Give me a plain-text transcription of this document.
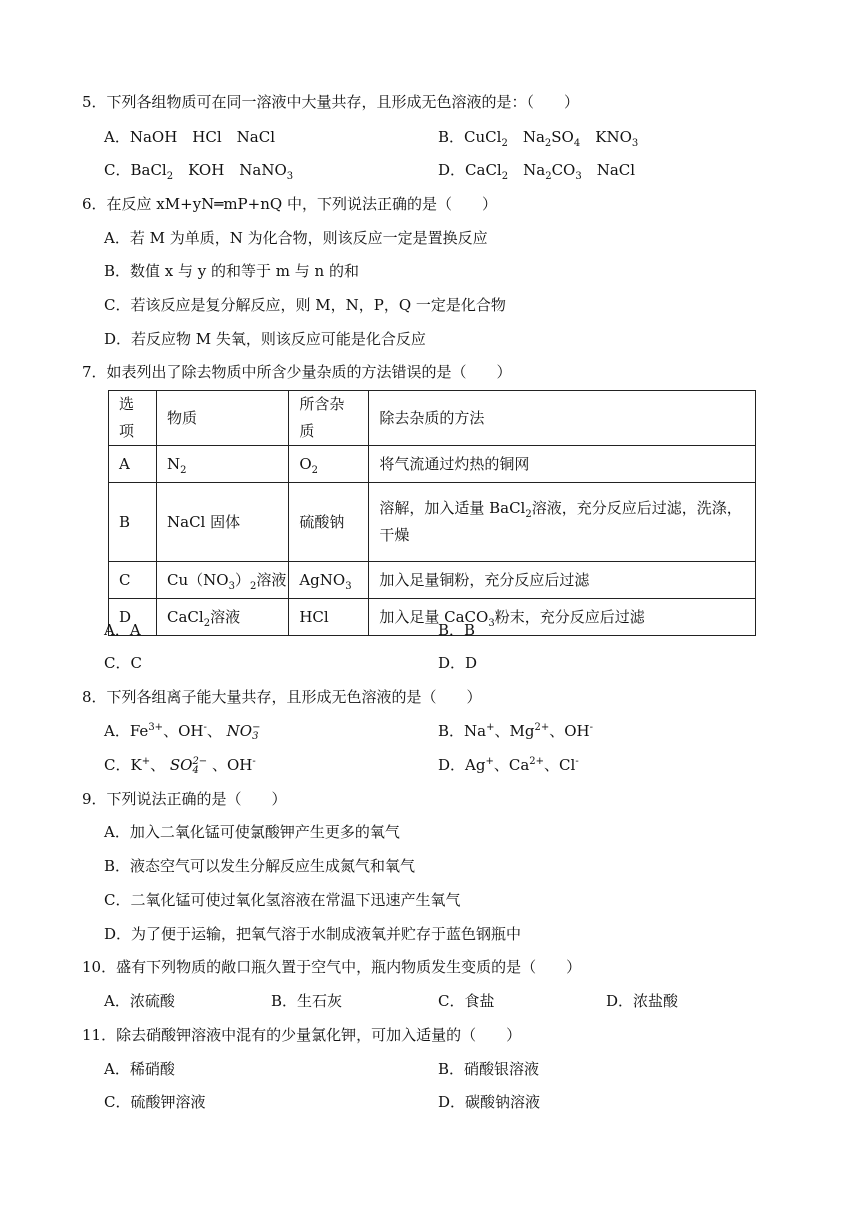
5．下列各组物质可在同一溶液中大量共存，且形成无色溶液的是：（　　）
A．NaOH　HCl　NaCl	B．CuCl$_2$　$Na_2SO_4$　$KNO_3$
C．BaCl$_2$　KOH　NaNO$_3$	D．CaCl$_2$　$Na_2CO_3$　NaCl
6．在反应 xM+yN═mP+nQ 中，下列说法正确的是（　　）
A．若 M 为单质，N 为化合物，则该反应一定是置换反应
B．数值 x 与 y 的和等于 m 与 n 的和
C．若该反应是复分解反应，则 M，N，P，Q 一定是化合物
D．若反应物 M 失氧，则该反应可能是化合反应
7．如表列出了除去物质中所含少量杂质的方法错误的是（　　）
选项	物质	所含杂质	除去杂质的方法
A	$N_2$	$O_2$	将气流通过灼热的铜网
B	NaCl 固体	硫酸钠	溶解，加入适量 BaCl$_2$溶液，充分反应后过滤，洗涤，干燥
C	$Cu(NO_3)_2$溶液	AgNO$_3$	加入足量铜粉，充分反应后过滤
D	CaCl$_2$溶液	HCl	加入足量 CaCO$_3$粉末，充分反应后过滤
A．A	B．B
C．C	D．D
8．下列各组离子能大量共存，且形成无色溶液的是（　　）
A．$Fe^{3+}$、OH-、 NO −
3	B．Na+、$Mg^{2+}$、OH-
C．K+、 SO 2−
4 、OH-	D．Ag+、$Ca^{2+}$、Cl-
9．下列说法正确的是（　　）
A．加入二氧化锰可使氯酸钾产生更多的氧气
B．液态空气可以发生分解反应生成氮气和氧气
C．二氧化锰可使过氧化氢溶液在常温下迅速产生氧气
D．为了便于运输，把氧气溶于水制成液氧并贮存于蓝色钢瓶中
10．盛有下列物质的敞口瓶久置于空气中，瓶内物质发生变质的是（　　）
A．浓硫酸	B．生石灰	C．食盐	D．浓盐酸
11．除去硝酸钾溶液中混有的少量氯化钾，可加入适量的（　　）
A．稀硝酸	B．硝酸银溶液
C．硫酸钾溶液	D．碳酸钠溶液
